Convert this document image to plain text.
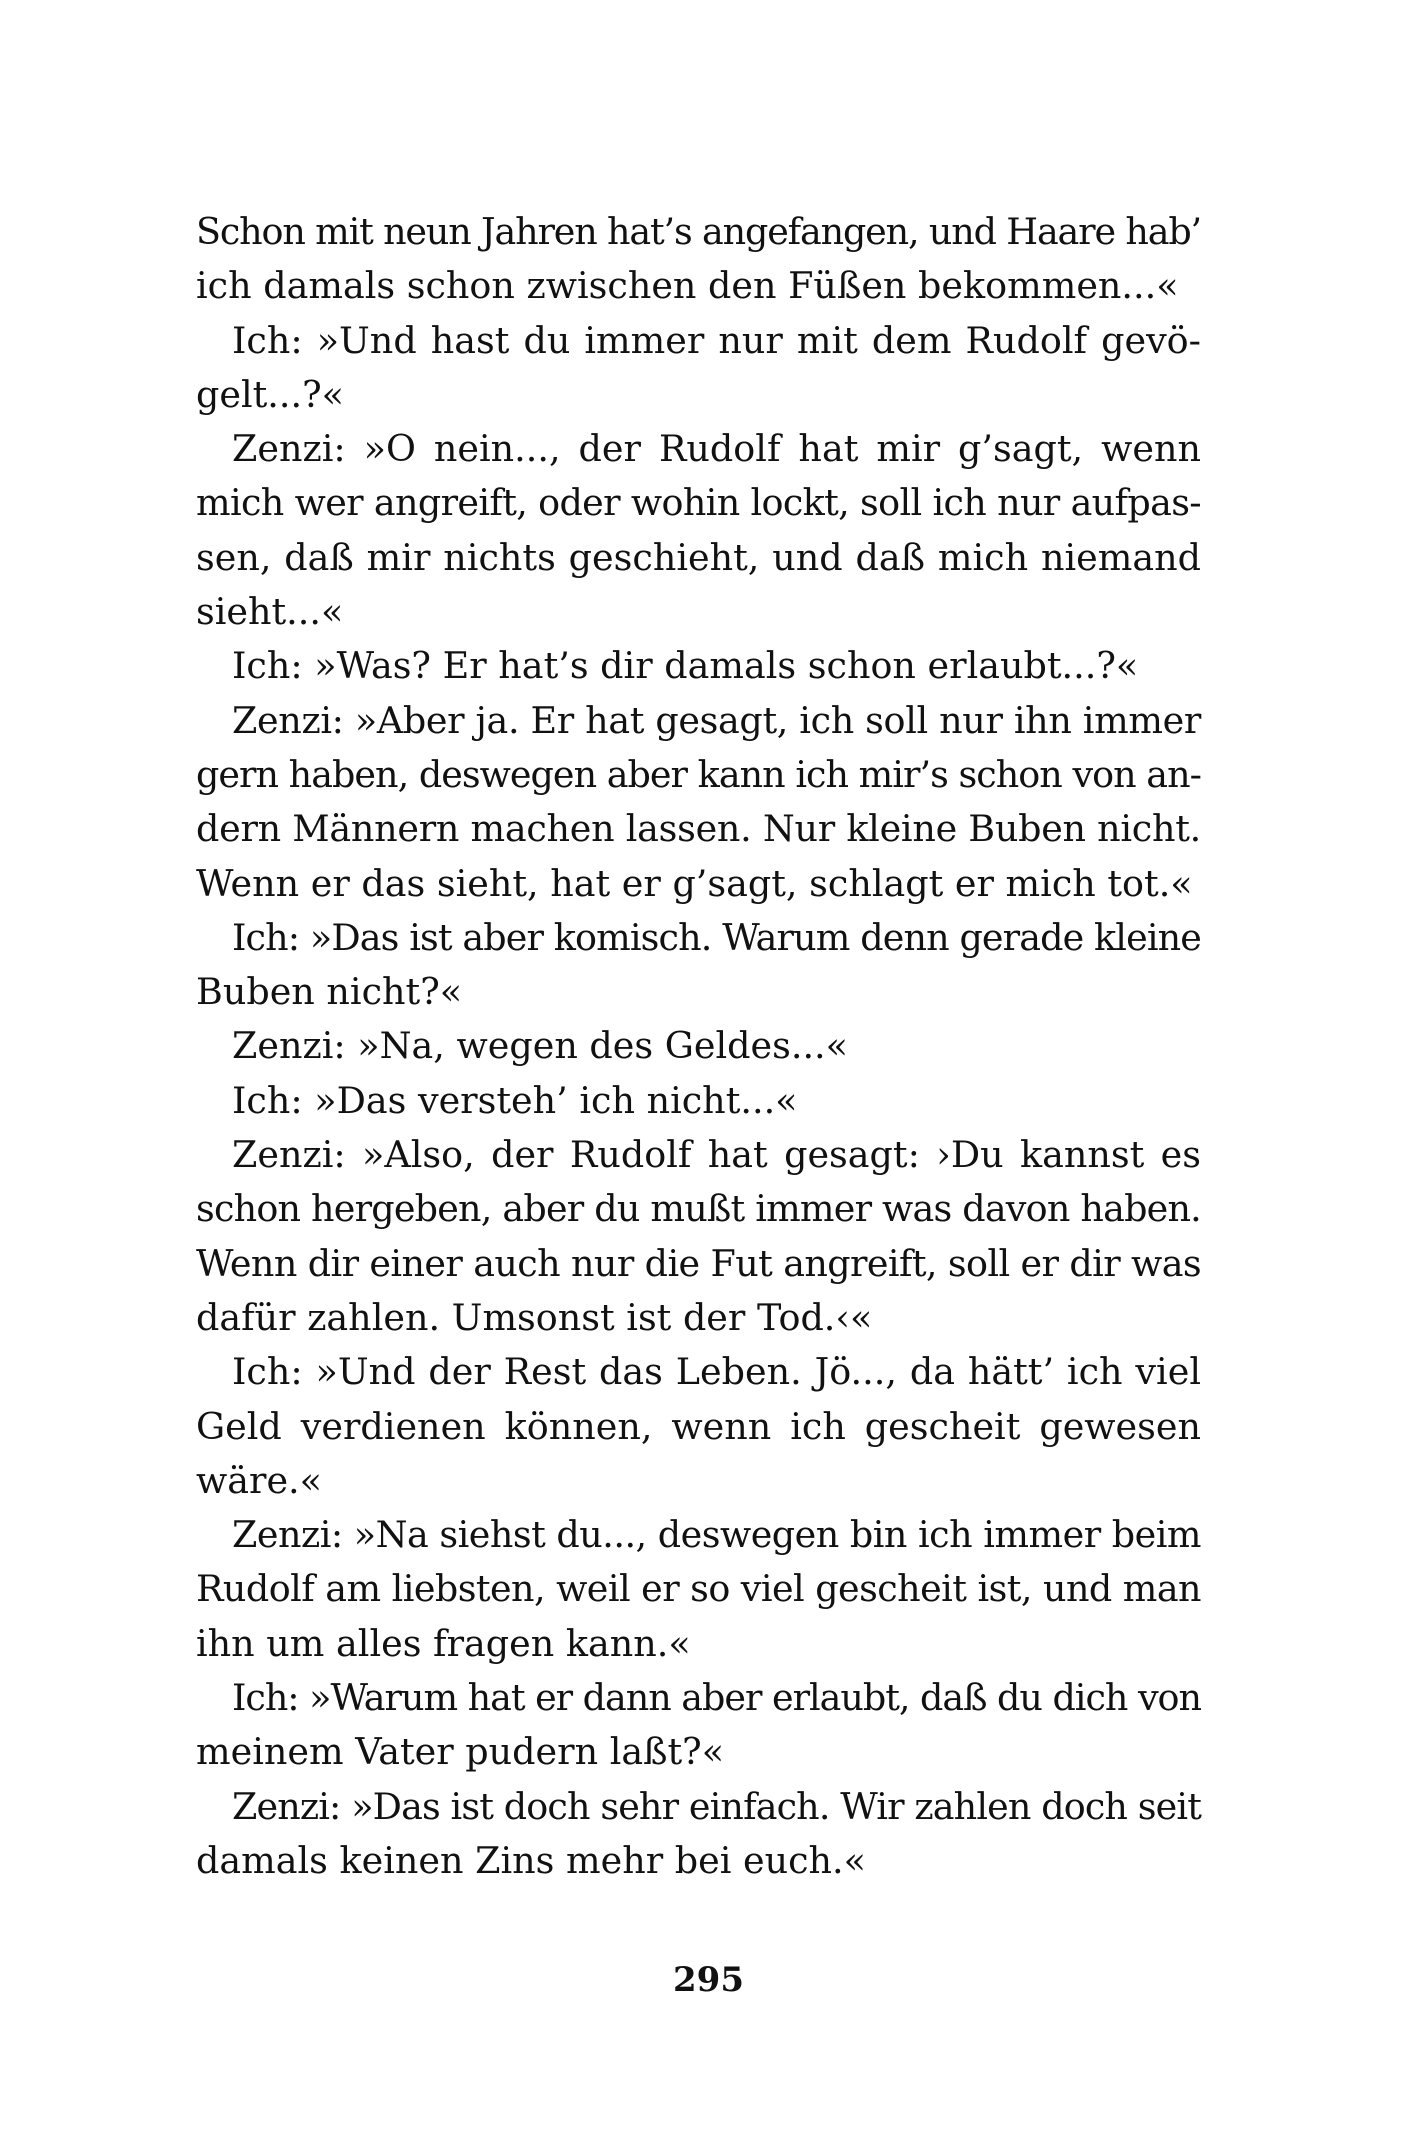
Schon mit neun Jahren hat’s angefangen, und Haare hab’
ich damals schon zwischen den Füßen bekommen...«
Ich: »Und hast du immer nur mit dem Rudolf gevö-
gelt...?«
Zenzi: »O nein..., der Rudolf hat mir g’sagt, wenn
mich wer angreift, oder wohin lockt, soll ich nur aufpas-
sen, daß mir nichts geschieht, und daß mich niemand
sieht...«
Ich: »Was? Er hat’s dir damals schon erlaubt...?«
Zenzi: »Aber ja. Er hat gesagt, ich soll nur ihn immer
gern haben, deswegen aber kann ich mir’s schon von an-
dern Männern machen lassen. Nur kleine Buben nicht.
Wenn er das sieht, hat er g’sagt, schlagt er mich tot.«
Ich: »Das ist aber komisch. Warum denn gerade kleine
Buben nicht?«
Zenzi: »Na, wegen des Geldes...«
Ich: »Das versteh’ ich nicht...«
Zenzi: »Also, der Rudolf hat gesagt: ›Du kannst es
schon hergeben, aber du mußt immer was davon haben.
Wenn dir einer auch nur die Fut angreift, soll er dir was
dafür zahlen. Umsonst ist der Tod.‹«
Ich: »Und der Rest das Leben. Jö..., da hätt’ ich viel
Geld verdienen können, wenn ich gescheit gewesen
wäre.«
Zenzi: »Na siehst du..., deswegen bin ich immer beim
Rudolf am liebsten, weil er so viel gescheit ist, und man
ihn um alles fragen kann.«
Ich: »Warum hat er dann aber erlaubt, daß du dich von
meinem Vater pudern laßt?«
Zenzi: »Das ist doch sehr einfach. Wir zahlen doch seit
damals keinen Zins mehr bei euch.«
295
